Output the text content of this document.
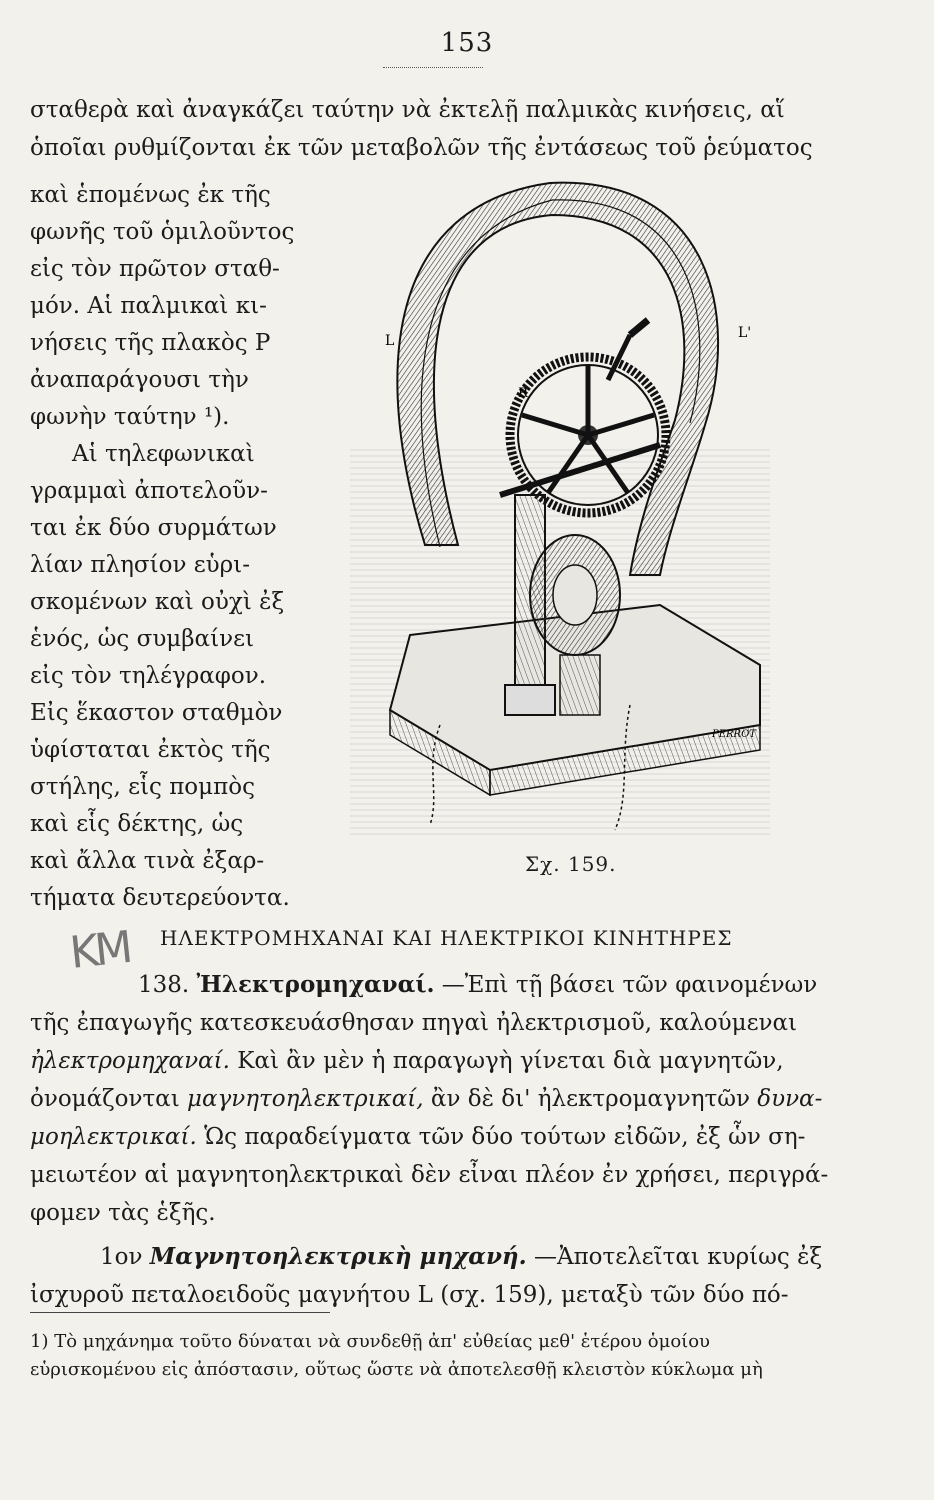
153
σταθερὰ καὶ ἀναγκάζει ταύτην νὰ ἐκτελῇ παλμικὰς κινήσεις, αἵ
ὁποῖαι ρυθμίζονται ἐκ τῶν μεταβολῶν τῆς ἐντάσεως τοῦ ῥεύματος
καὶ ἑπομένως ἐκ τῆς
φωνῆς τοῦ ὁμιλοῦντος
εἰς τὸν πρῶτον σταθ-
μόν. Αἱ παλμικαὶ κι-
νήσεις τῆς πλακὸς P
ἀναπαράγουσι τὴν
φωνὴν ταύτην ¹).
Αἱ τηλεφωνικαὶ
γραμμαὶ ἀποτελοῦν-
ται ἐκ δύο συρμάτων
λίαν πλησίον εὑρι-
σκομένων καὶ οὐχὶ ἐξ
ἑνός, ὡς συμβαίνει
εἰς τὸν τηλέγραφον.
Εἰς ἕκαστον σταθμὸν
ὑφίσταται ἐκτὸς τῆς
στήλης, εἷς πομπὸς
καὶ εἷς δέκτης, ὡς
καὶ ἄλλα τινὰ ἐξαρ-
τήματα δευτερεύοντα.
L	L'
R
PERROT
Σχ. 159.
KM ΗΛΕΚΤΡΟΜΗΧΑΝΑΙ ΚΑΙ ΗΛΕΚΤΡΙΚΟΙ ΚΙΝΗΤΗΡΕΣ
138. Ἠλεκτρομηχαναί. —Ἐπὶ τῇ βάσει τῶν φαινομένων
τῆς ἐπαγωγῆς κατεσκευάσθησαν πηγαὶ ἠλεκτρισμοῦ, καλούμεναι
ἠλεκτρομηχαναί. Καὶ ἂν μὲν ἡ παραγωγὴ γίνεται διὰ μαγνητῶν,
ὀνομάζονται μαγνητοηλεκτρικαί, ἂν δὲ δι' ἠλεκτρομαγνητῶν δυνα-
μοηλεκτρικαί. Ὡς παραδείγματα τῶν δύο τούτων εἰδῶν, ἐξ ὧν ση-
μειωτέον αἱ μαγνητοηλεκτρικαὶ δὲν εἶναι πλέον ἐν χρήσει, περιγρά-
φομεν τὰς ἑξῆς.
1ον Μαγνητοηλεκτρικὴ μηχανή. —Ἀποτελεῖται κυρίως ἐξ
ἰσχυροῦ πεταλοειδοῦς μαγνήτου L (σχ. 159), μεταξὺ τῶν δύο πό-
1) Τὸ μηχάνημα τοῦτο δύναται νὰ συνδεθῇ ἀπ' εὐθείας μεθ' ἑτέρου ὁμοίου
εὑρισκομένου εἰς ἀπόστασιν, οὕτως ὥστε νὰ ἀποτελεσθῇ κλειστὸν κύκλωμα μὴ
